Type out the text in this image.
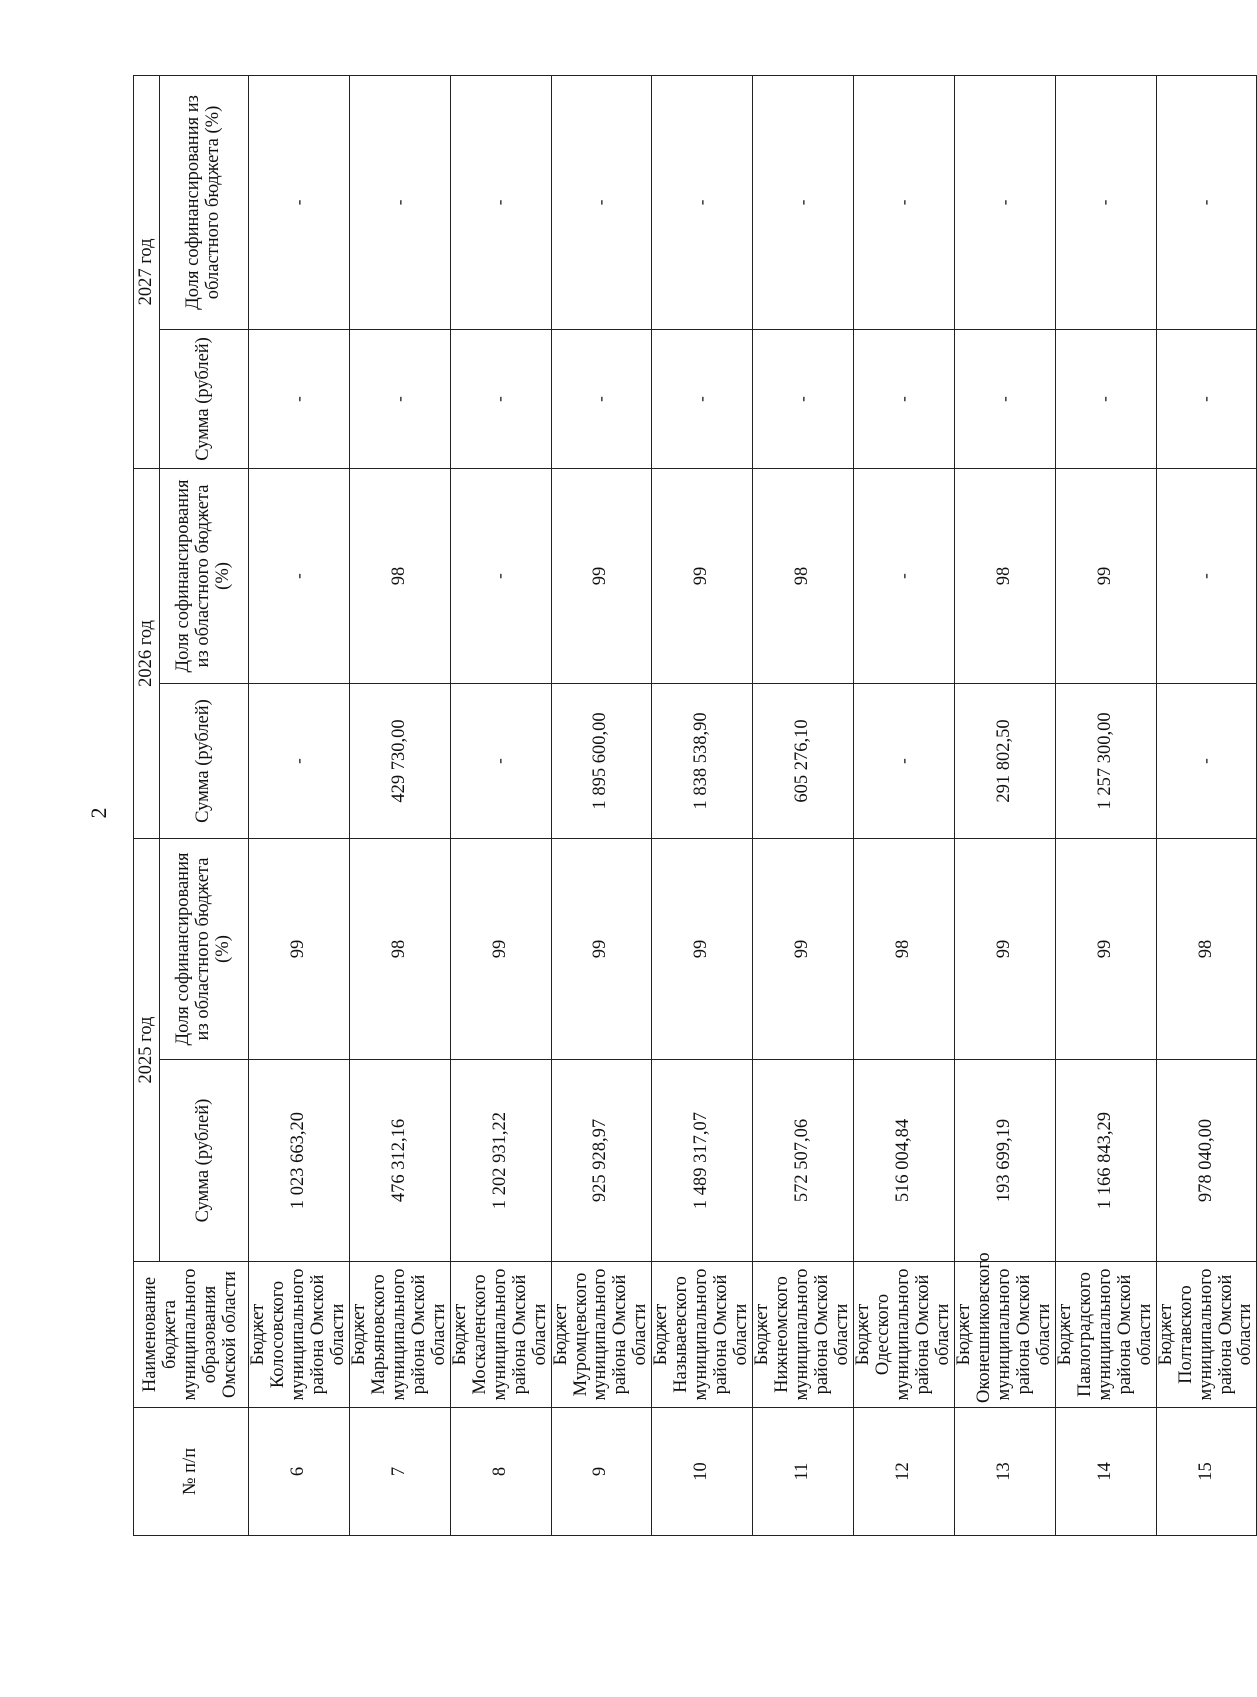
2
№ п/п	Наименование бюджета муниципального образования Омской области	2025 год		2026 год		2027 год	
		Сумма (рублей)	Доля софинансирования из областного бюджета (%)	Сумма (рублей)	Доля софинансирования из областного бюджета (%)	Сумма (рублей)	Доля софинансирования из областного бюджета (%)
6	Бюджет Колосовского муниципального района Омской области	1 023 663,20	99	-	-	-	-
7	Бюджет Марьяновского муниципального района Омской области	476 312,16	98	429 730,00	98	-	-
8	Бюджет Москаленского муниципального района Омской области	1 202 931,22	99	-	-	-	-
9	Бюджет Муромцевского муниципального района Омской области	925 928,97	99	1 895 600,00	99	-	-
10	Бюджет Называевского муниципального района Омской области	1 489 317,07	99	1 838 538,90	99	-	-
11	Бюджет Нижнеомского муниципального района Омской области	572 507,06	99	605 276,10	98	-	-
12	Бюджет Одесского муниципального района Омской области	516 004,84	98	-	-	-	-
13	Бюджет Оконешниковского муниципального района Омской области	193 699,19	99	291 802,50	98	-	-
14	Бюджет Павлоградского муниципального района Омской области	1 166 843,29	99	1 257 300,00	99	-	-
15	Бюджет Полтавского муниципального района Омской области	978 040,00	98	-	-	-	-
